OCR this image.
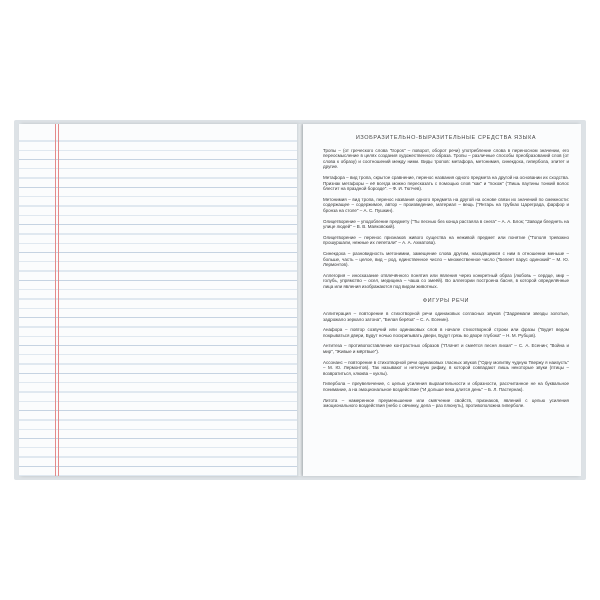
ИЗОБРАЗИТЕЛЬНО-ВЫРАЗИТЕЛЬНЫЕ СРЕДСТВА ЯЗЫКА

Тропы – (от греческого слова "tropos" – поворот, оборот речи) употребление слова в переносном значении, его переосмысление в целях создания художественного образа. Тропы – различные способы преобразований слов (от слова к образу) и соотношений между ними. Виды тропов: метафора, метонимия, синекдоха, гипербола, эпитет и другие.

Метафора – вид тропа, скрытое сравнение, перенос названия одного предмета на другой на основании их сходства. Признак метафоры – её всегда можно пересказать с помощью слов "как" и "похож" ("Лишь паутины тонкий волос блестит на праздной борозде". – Ф. И. Тютчев).

Метонимия – вид тропа, перенос названия одного предмета на другой на основе связи их значений по смежности: содержащее – содержимое, автор – произведение, материал – вещь ("Янтарь на трубках Цареграда, фарфор и бронза на столе" – А. С. Пушкин).

Олицетворение – уподобление предмету ("Ты песнью без конца растаяла в снега" – А. А. Блок; "Заводи бледнеть на улице людей" – В. В. Маяковский).

Олицетворение – перенос признаков живого существа на неживой предмет или понятие ("Тополя тревожно прошуршали, нежные их лепетали" – А. А. Ахматова).

Синекдоха – разновидность метонимии, замещение слова другим, находящимся с ним в отношении меньше – больше, часть – целое, вид – род, единственное число – множественное число ("Белеет парус одинокий" – М. Ю. Лермонтов).

Аллегория – иносказание отвлечённого понятия или явления через конкретный образ (любовь – сердце, мир – голубь, упрямство – осел, медицина – чаша со змеёй). Во аллегории построена басня, в которой определённые лица или явления изображаются под видом животных.

ФИГУРЫ РЕЧИ

Аллитерация – повторение в стихотворной речи одинаковых согласных звуков ("Задремали звезды золотые, задрожало зеркало затона", "Белая берёза" – С. А. Есенин).

Анафора – повтор созвучий или одинаковых слов в начале стихотворной строки или фразы ("Будет ведом покрываться двери, Будут ночью поскрипывать двери, Будут грязь во дворе глубока" – Н. М. Рубцов).

Антитеза – противопоставление контрастных образов ("Плачет и смеётся песня лихая" – С. А. Есенин; "Война и мир", "Живые и мёртвые").

Ассонанс – повторение в стихотворной речи одинаковых гласных звуков ("Одну молитву чудную Твержу я наизусть" – М. Ю. Лермонтов). Так называют и неточную рифму, в которой совпадают лишь некоторые звуки (птицы – возвратиться, клюква – куклы).

Гипербола – преувеличение, с целью усиления выразительности и образности, рассчитанное не на буквальное понимание, а на эмоциональное воздействие ("И дольше века длится день" – Б. Л. Пастернак).

Литота – намеренное преуменьшение или смягчение свойств, признаков, явлений с целью усиления эмоционального воздействия (небо с овчинку, дела – раз плюнуть), противоположна гиперболе.
